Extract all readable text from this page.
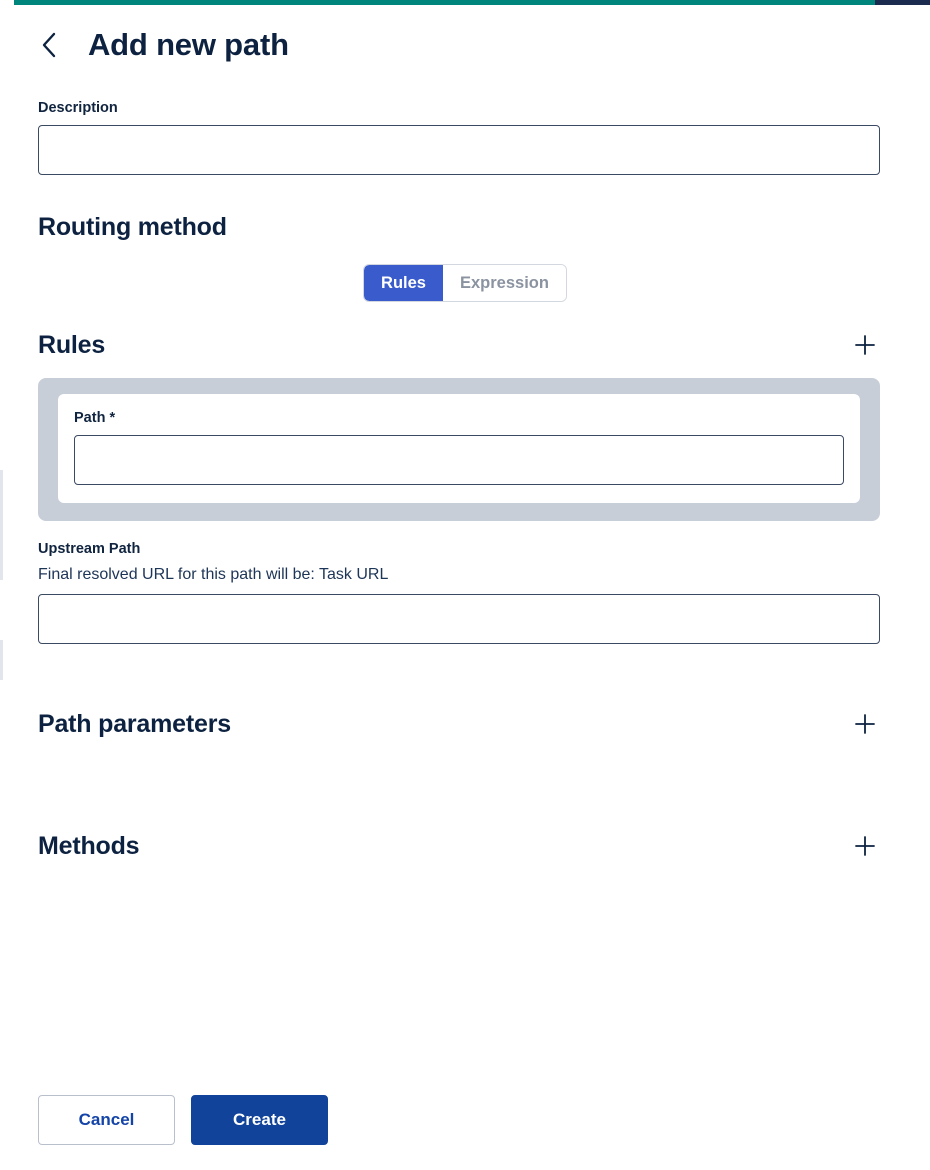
Add new path
Description
Routing method
Rules	Expression
Rules
Path *
Upstream Path
Final resolved URL for this path will be: Task URL
Path parameters
Methods
Cancel	Create
